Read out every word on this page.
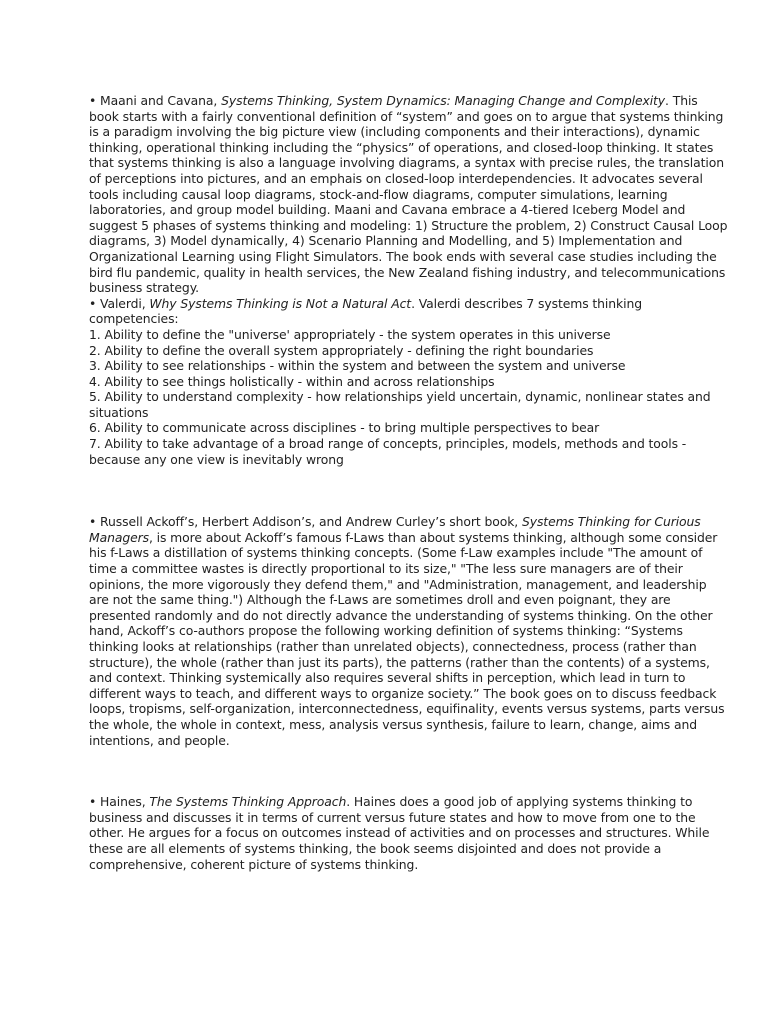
• Maani and Cavana, Systems Thinking, System Dynamics: Managing Change and Complexity. This book starts with a fairly conventional definition of “system” and goes on to argue that systems thinking is a paradigm involving the big picture view (including components and their interactions), dynamic thinking, operational thinking including the “physics” of operations, and closed-loop thinking. It states that systems thinking is also a language involving diagrams, a syntax with precise rules, the translation of perceptions into pictures, and an emphais on closed-loop interdependencies. It advocates several tools including causal loop diagrams, stock-and-flow diagrams, computer simulations, learning laboratories, and group model building. Maani and Cavana embrace a 4-tiered Iceberg Model and suggest 5 phases of systems thinking and modeling: 1) Structure the problem, 2) Construct Causal Loop diagrams, 3) Model dynamically, 4) Scenario Planning and Modelling, and 5) Implementation and Organizational Learning using Flight Simulators. The book ends with several case studies including the bird flu pandemic, quality in health services, the New Zealand fishing industry, and telecommunications business strategy.

• Valerdi, Why Systems Thinking is Not a Natural Act. Valerdi describes 7 systems thinking competencies:

1. Ability to define the "universe' appropriately - the system operates in this universe

2. Ability to define the overall system appropriately - defining the right boundaries

3. Ability to see relationships - within the system and between the system and universe

4. Ability to see things holistically - within and across relationships

5. Ability to understand complexity - how relationships yield uncertain, dynamic, nonlinear states and situations

6. Ability to communicate across disciplines - to bring multiple perspectives to bear

7. Ability to take advantage of a broad range of concepts, principles, models, methods and tools - because any one view is inevitably wrong

• Russell Ackoff’s, Herbert Addison’s, and Andrew Curley’s short book, Systems Thinking for Curious Managers, is more about Ackoff’s famous f-Laws than about systems thinking, although some consider his f-Laws a distillation of systems thinking concepts. (Some f-Law examples include "The amount of time a committee wastes is directly proportional to its size," "The less sure managers are of their opinions, the more vigorously they defend them," and "Administration, management, and leadership are not the same thing.") Although the f-Laws are sometimes droll and even poignant, they are presented randomly and do not directly advance the understanding of systems thinking. On the other hand, Ackoff’s co-authors propose the following working definition of systems thinking: “Systems thinking looks at relationships (rather than unrelated objects), connectedness, process (rather than structure), the whole (rather than just its parts), the patterns (rather than the contents) of a systems, and context. Thinking systemically also requires several shifts in perception, which lead in turn to different ways to teach, and different ways to organize society.” The book goes on to discuss feedback loops, tropisms, self-organization, interconnectedness, equifinality, events versus systems, parts versus the whole, the whole in context, mess, analysis versus synthesis, failure to learn, change, aims and intentions, and people.

• Haines, The Systems Thinking Approach. Haines does a good job of applying systems thinking to business and discusses it in terms of current versus future states and how to move from one to the other. He argues for a focus on outcomes instead of activities and on processes and structures. While these are all elements of systems thinking, the book seems disjointed and does not provide a comprehensive, coherent picture of systems thinking.
